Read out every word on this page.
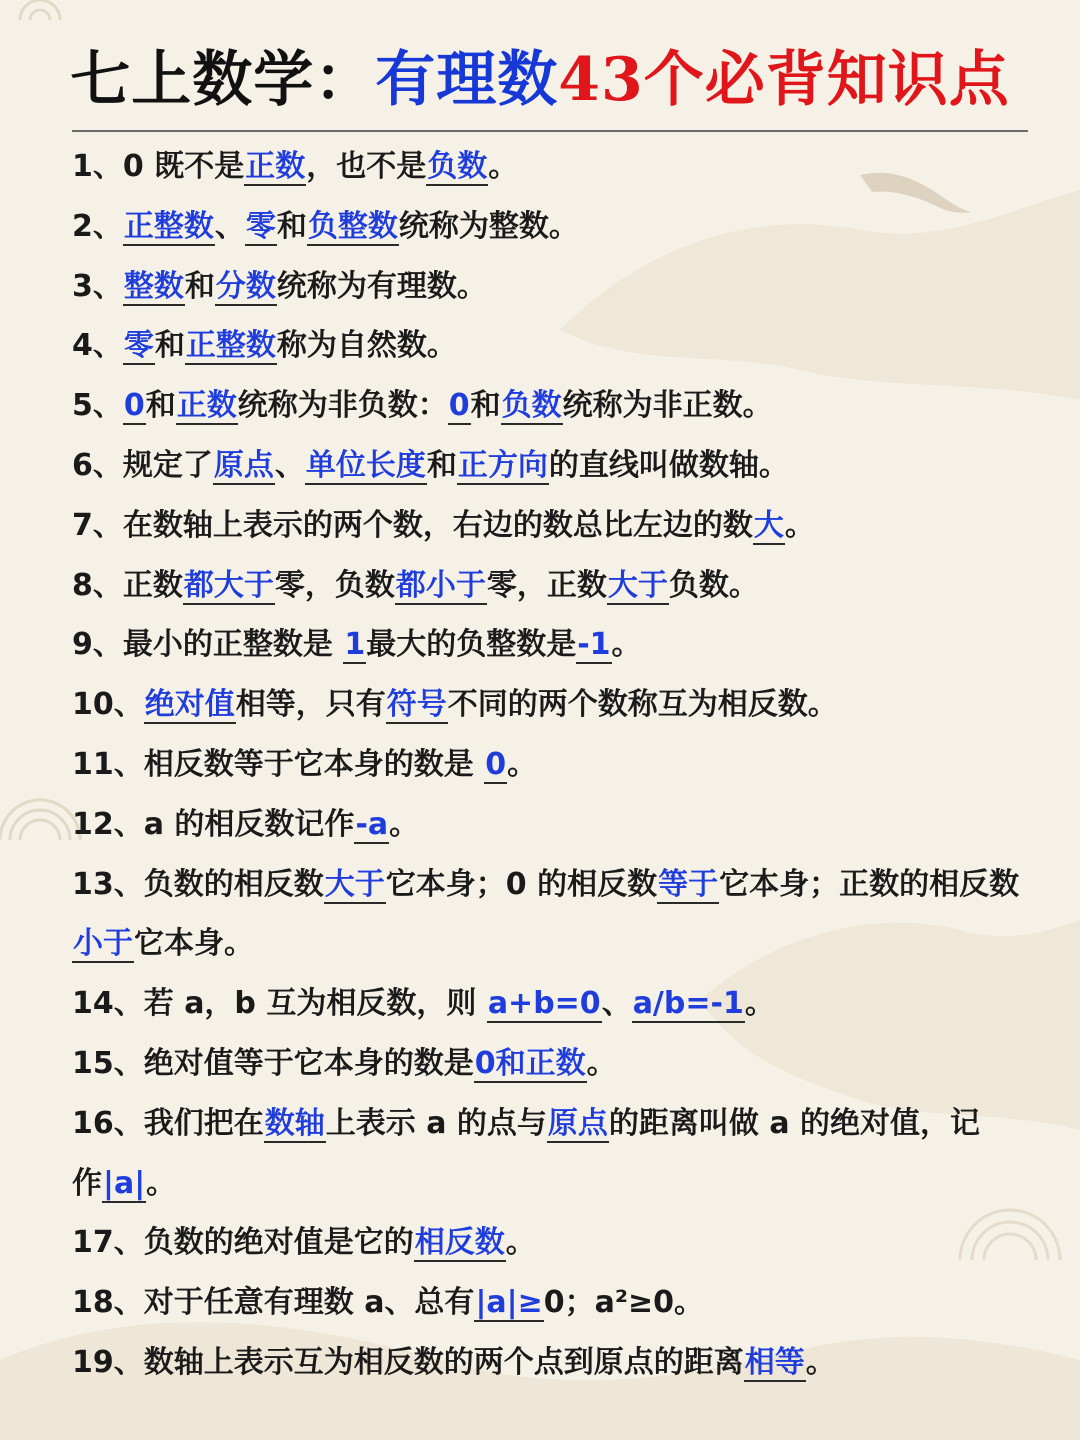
七上数学：有理数43个必背知识点

1、0 既不是正数，也不是负数。

2、正整数、零和负整数统称为整数。

3、整数和分数统称为有理数。

4、零和正整数称为自然数。

5、0和正数统称为非负数：0和负数统称为非正数。

6、规定了原点、单位长度和正方向的直线叫做数轴。

7、在数轴上表示的两个数，右边的数总比左边的数大。

8、正数都大于零，负数都小于零，正数大于负数。

9、最小的正整数是 1最大的负整数是-1。

10、绝对值相等，只有符号不同的两个数称互为相反数。

11、相反数等于它本身的数是 0。

12、a 的相反数记作-a。

13、负数的相反数大于它本身；0 的相反数等于它本身；正数的相反数小于它本身。

14、若 a，b 互为相反数，则 a+b=0、a/b=-1。

15、绝对值等于它本身的数是0和正数。

16、我们把在数轴上表示 a 的点与原点的距离叫做 a 的绝对值，记作|a|。

17、负数的绝对值是它的相反数。

18、对于任意有理数 a、总有|a|≥0；a²≥0。

19、数轴上表示互为相反数的两个点到原点的距离相等。
